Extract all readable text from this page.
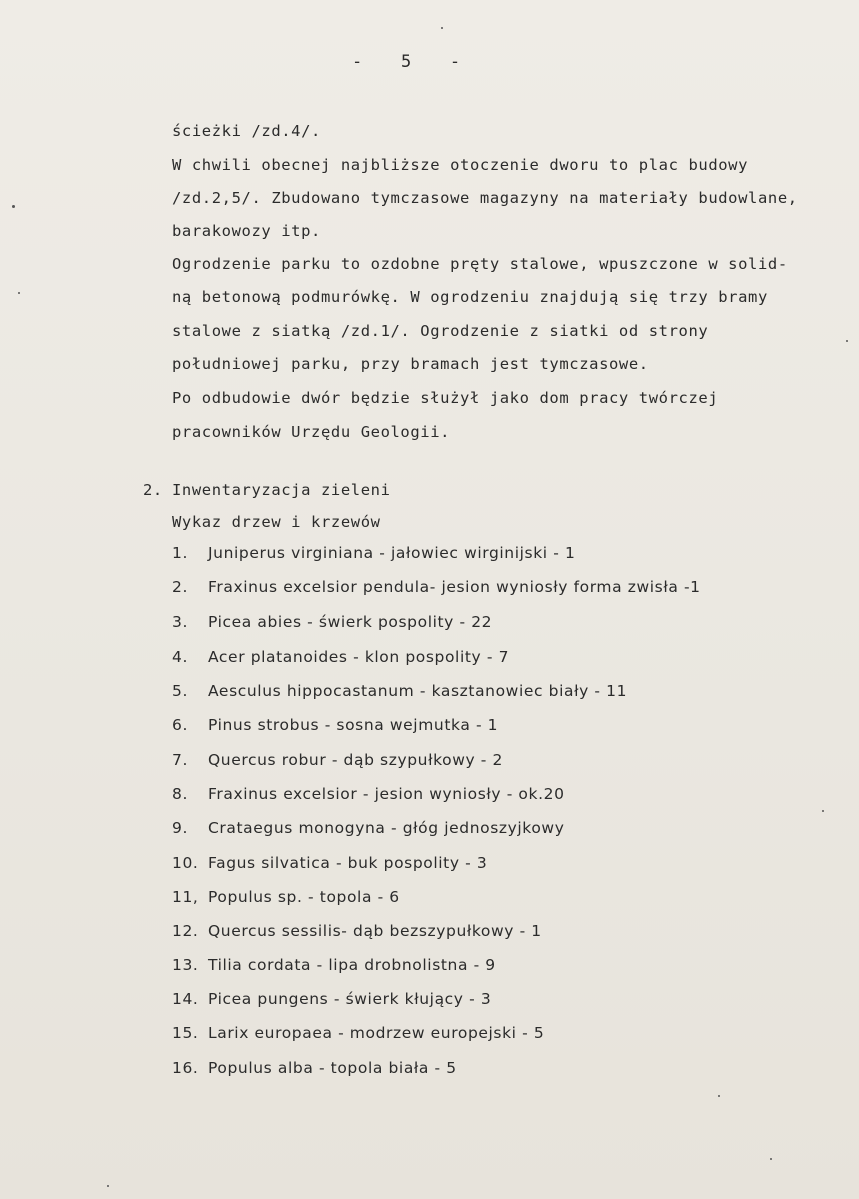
-   5   -
ścieżki /zd.4/.
W chwili obecnej najbliższe otoczenie dworu to plac budowy
/zd.2,5/. Zbudowano tymczasowe magazyny na materiały budowlane,
barakowozy itp.
Ogrodzenie parku to ozdobne pręty stalowe, wpuszczone w solid-
ną betonową podmurówkę. W ogrodzeniu znajdują się trzy bramy
stalowe z siatką /zd.1/. Ogrodzenie z siatki od strony
południowej parku, przy bramach jest tymczasowe.
Po odbudowie dwór będzie służył jako dom pracy twórczej
pracowników Urzędu Geologii.
2. Inwentaryzacja zieleni
Wykaz drzew i krzewów
1. Juniperus virginiana - jałowiec wirginijski - 1
2. Fraxinus excelsior pendula- jesion wyniosły forma zwisła -1
3. Picea abies - świerk pospolity - 22
4. Acer platanoides - klon pospolity - 7
5. Aesculus hippocastanum - kasztanowiec biały - 11
6. Pinus strobus - sosna wejmutka - 1
7. Quercus robur - dąb szypułkowy - 2
8. Fraxinus excelsior - jesion wyniosły - ok.20
9. Crataegus monogyna - głóg jednoszyjkowy
10. Fagus silvatica - buk pospolity - 3
11, Populus sp. - topola - 6
12. Quercus sessilis- dąb bezszypułkowy - 1
13. Tilia cordata - lipa drobnolistna - 9
14. Picea pungens - świerk kłujący - 3
15. Larix europaea - modrzew europejski - 5
16. Populus alba - topola biała - 5
